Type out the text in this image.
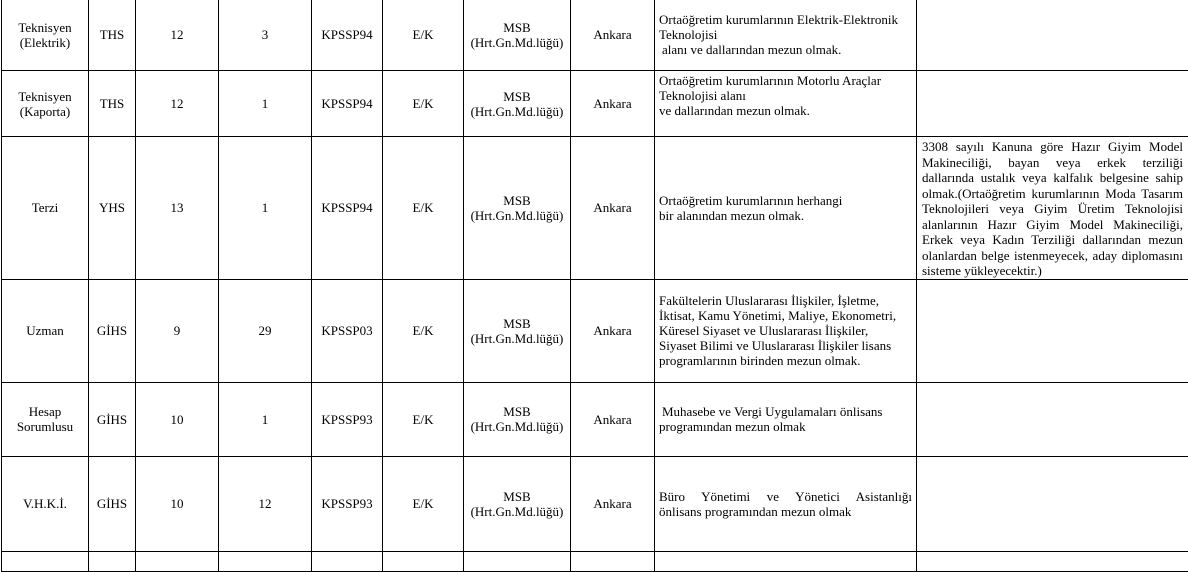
Teknisyen
(Elektrik)	THS	12	3	KPSSP94	E/K	MSB
(Hrt.Gn.Md.lüğü)	Ankara	Ortaöğretim kurumlarının Elektrik-Elektronik
Teknolojisi
alanı ve dallarından mezun olmak.	

Teknisyen
(Kaporta)	THS	12	1	KPSSP94	E/K	MSB
(Hrt.Gn.Md.lüğü)	Ankara	Ortaöğretim kurumlarının Motorlu Araçlar
Teknolojisi alanı
ve dallarından mezun olmak.	

Terzi	YHS	13	1	KPSSP94	E/K	MSB
(Hrt.Gn.Md.lüğü)	Ankara	Ortaöğretim kurumlarının herhangi
bir alanından mezun olmak.	3308 sayılı Kanuna göre Hazır Giyim Model Makineciliği, bayan veya erkek terziliği dallarında ustalık veya kalfalık belgesine sahip olmak.(Ortaöğretim kurumlarının Moda Tasarım Teknolojileri veya Giyim Üretim Teknolojisi alanlarının Hazır Giyim Model Makineciliği, Erkek veya Kadın Terziliği dallarından mezun olanlardan belge istenmeyecek, aday diplomasını sisteme yükleyecektir.)

Uzman	GİHS	9	29	KPSSP03	E/K	MSB
(Hrt.Gn.Md.lüğü)	Ankara	Fakültelerin Uluslararası İlişkiler, İşletme,
İktisat, Kamu Yönetimi, Maliye, Ekonometri,
Küresel Siyaset ve Uluslararası İlişkiler,
Siyaset Bilimi ve Uluslararası İlişkiler lisans
programlarının birinden mezun olmak.	

Hesap
Sorumlusu	GİHS	10	1	KPSSP93	E/K	MSB
(Hrt.Gn.Md.lüğü)	Ankara	Muhasebe ve Vergi Uygulamaları önlisans
programından mezun olmak	

V.H.K.İ.	GİHS	10	12	KPSSP93	E/K	MSB
(Hrt.Gn.Md.lüğü)	Ankara	Büro Yönetimi ve Yönetici Asistanlığı
önlisans programından mezun olmak	
